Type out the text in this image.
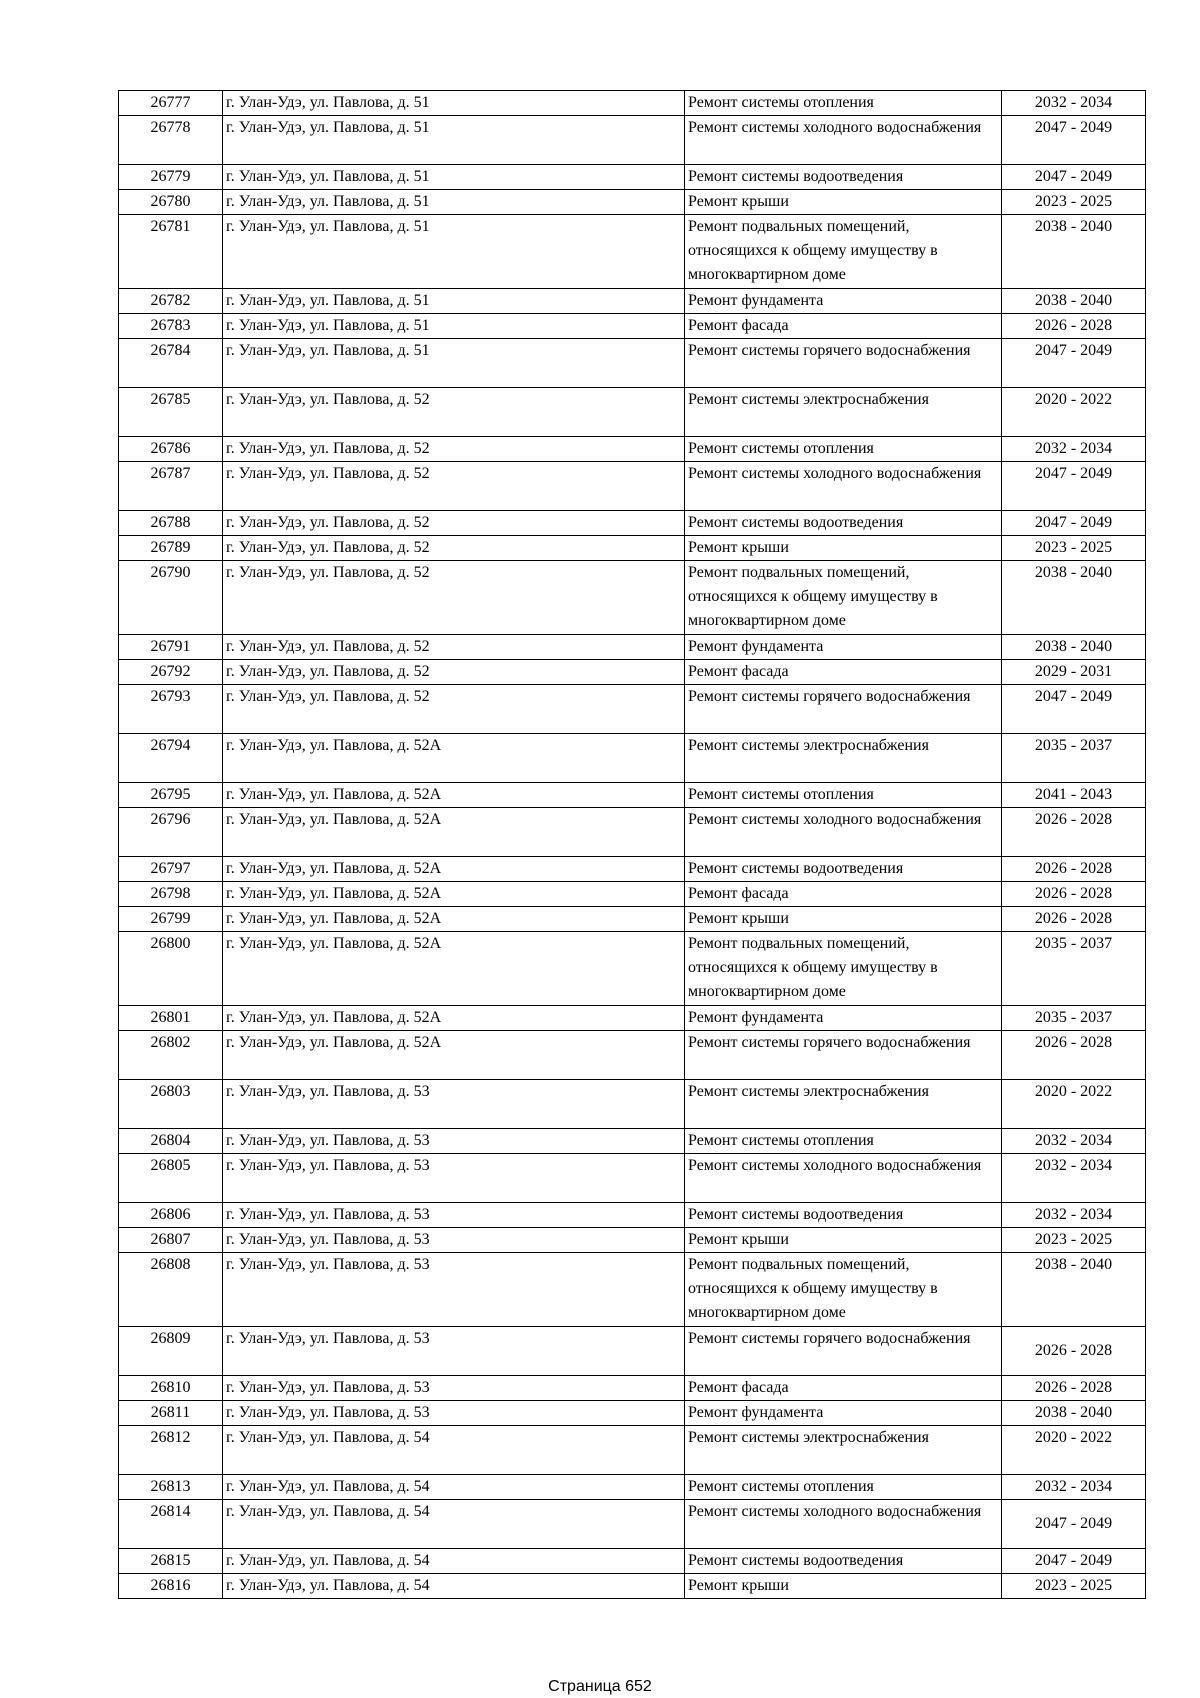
26777	г. Улан-Удэ, ул. Павлова, д. 51	Ремонт системы отопления	2032 - 2034
26778	г. Улан-Удэ, ул. Павлова, д. 51	Ремонт системы холодного водоснабжения	2047 - 2049
26779	г. Улан-Удэ, ул. Павлова, д. 51	Ремонт системы водоотведения	2047 - 2049
26780	г. Улан-Удэ, ул. Павлова, д. 51	Ремонт крыши	2023 - 2025
26781	г. Улан-Удэ, ул. Павлова, д. 51	Ремонт подвальных помещений, относящихся к общему имуществу в многоквартирном доме	2038 - 2040
26782	г. Улан-Удэ, ул. Павлова, д. 51	Ремонт фундамента	2038 - 2040
26783	г. Улан-Удэ, ул. Павлова, д. 51	Ремонт фасада	2026 - 2028
26784	г. Улан-Удэ, ул. Павлова, д. 51	Ремонт системы горячего водоснабжения	2047 - 2049
26785	г. Улан-Удэ, ул. Павлова, д. 52	Ремонт системы электроснабжения	2020 - 2022
26786	г. Улан-Удэ, ул. Павлова, д. 52	Ремонт системы отопления	2032 - 2034
26787	г. Улан-Удэ, ул. Павлова, д. 52	Ремонт системы холодного водоснабжения	2047 - 2049
26788	г. Улан-Удэ, ул. Павлова, д. 52	Ремонт системы водоотведения	2047 - 2049
26789	г. Улан-Удэ, ул. Павлова, д. 52	Ремонт крыши	2023 - 2025
26790	г. Улан-Удэ, ул. Павлова, д. 52	Ремонт подвальных помещений, относящихся к общему имуществу в многоквартирном доме	2038 - 2040
26791	г. Улан-Удэ, ул. Павлова, д. 52	Ремонт фундамента	2038 - 2040
26792	г. Улан-Удэ, ул. Павлова, д. 52	Ремонт фасада	2029 - 2031
26793	г. Улан-Удэ, ул. Павлова, д. 52	Ремонт системы горячего водоснабжения	2047 - 2049
26794	г. Улан-Удэ, ул. Павлова, д. 52А	Ремонт системы электроснабжения	2035 - 2037
26795	г. Улан-Удэ, ул. Павлова, д. 52А	Ремонт системы отопления	2041 - 2043
26796	г. Улан-Удэ, ул. Павлова, д. 52А	Ремонт системы холодного водоснабжения	2026 - 2028
26797	г. Улан-Удэ, ул. Павлова, д. 52А	Ремонт системы водоотведения	2026 - 2028
26798	г. Улан-Удэ, ул. Павлова, д. 52А	Ремонт фасада	2026 - 2028
26799	г. Улан-Удэ, ул. Павлова, д. 52А	Ремонт крыши	2026 - 2028
26800	г. Улан-Удэ, ул. Павлова, д. 52А	Ремонт подвальных помещений, относящихся к общему имуществу в многоквартирном доме	2035 - 2037
26801	г. Улан-Удэ, ул. Павлова, д. 52А	Ремонт фундамента	2035 - 2037
26802	г. Улан-Удэ, ул. Павлова, д. 52А	Ремонт системы горячего водоснабжения	2026 - 2028
26803	г. Улан-Удэ, ул. Павлова, д. 53	Ремонт системы электроснабжения	2020 - 2022
26804	г. Улан-Удэ, ул. Павлова, д. 53	Ремонт системы отопления	2032 - 2034
26805	г. Улан-Удэ, ул. Павлова, д. 53	Ремонт системы холодного водоснабжения	2032 - 2034
26806	г. Улан-Удэ, ул. Павлова, д. 53	Ремонт системы водоотведения	2032 - 2034
26807	г. Улан-Удэ, ул. Павлова, д. 53	Ремонт крыши	2023 - 2025
26808	г. Улан-Удэ, ул. Павлова, д. 53	Ремонт подвальных помещений, относящихся к общему имуществу в многоквартирном доме	2038 - 2040
26809	г. Улан-Удэ, ул. Павлова, д. 53	Ремонт системы горячего водоснабжения	2026 - 2028
26810	г. Улан-Удэ, ул. Павлова, д. 53	Ремонт фасада	2026 - 2028
26811	г. Улан-Удэ, ул. Павлова, д. 53	Ремонт фундамента	2038 - 2040
26812	г. Улан-Удэ, ул. Павлова, д. 54	Ремонт системы электроснабжения	2020 - 2022
26813	г. Улан-Удэ, ул. Павлова, д. 54	Ремонт системы отопления	2032 - 2034
26814	г. Улан-Удэ, ул. Павлова, д. 54	Ремонт системы холодного водоснабжения	2047 - 2049
26815	г. Улан-Удэ, ул. Павлова, д. 54	Ремонт системы водоотведения	2047 - 2049
26816	г. Улан-Удэ, ул. Павлова, д. 54	Ремонт крыши	2023 - 2025
Страница 652
